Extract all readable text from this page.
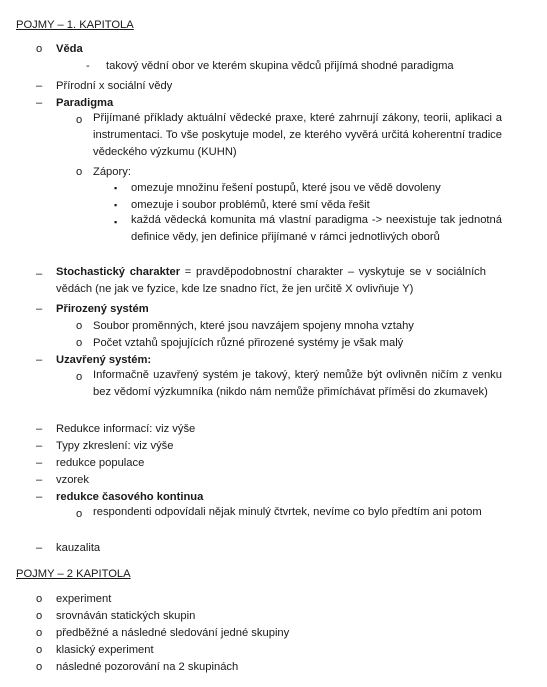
POJMY – 1. KAPITOLA
o Věda
- takový vědní obor ve kterém skupina vědců přijímá shodné paradigma
– Přírodní x sociální vědy
– Paradigma
o Přijímané příklady aktuální vědecké praxe, které zahrnují zákony, teorii, aplikaci a instrumentaci. To vše poskytuje model, ze kterého vyvěrá určitá koherentní tradice vědeckého výzkumu (KUHN)
o Zápory:
▪ omezuje množinu řešení postupů, které jsou ve vědě dovoleny
▪ omezuje i soubor problémů, které smí věda řešit
▪ každá vědecká komunita má vlastní paradigma -> neexistuje tak jednotná definice vědy, jen definice přijímané v rámci jednotlivých oborů
– Stochastický charakter = pravděpodobnostní charakter – vyskytuje se v sociálních vědách (ne jak ve fyzice, kde lze snadno říct, že jen určitě X ovlivňuje Y)
– Přirozený systém
o Soubor proměnných, které jsou navzájem spojeny mnoha vztahy
o Počet vztahů spojujících různé přirozené systémy je však malý
– Uzavřený systém:
o Informačně uzavřený systém je takový, který nemůže být ovlivněn ničím z venku bez vědomí výzkumníka (nikdo nám nemůže přimíchávat příměsi do zkumavek)
– Redukce informací: viz výše
– Typy zkreslení: viz výše
– redukce populace
– vzorek
– redukce časového kontinua
o respondenti odpovídali nějak minulý čtvrtek, nevíme co bylo předtím ani potom
– kauzalita
POJMY – 2 KAPITOLA
o experiment
o srovnáván statických skupin
o předběžné a následné sledování jedné skupiny
o klasický experiment
o následné pozorování na 2 skupinách
